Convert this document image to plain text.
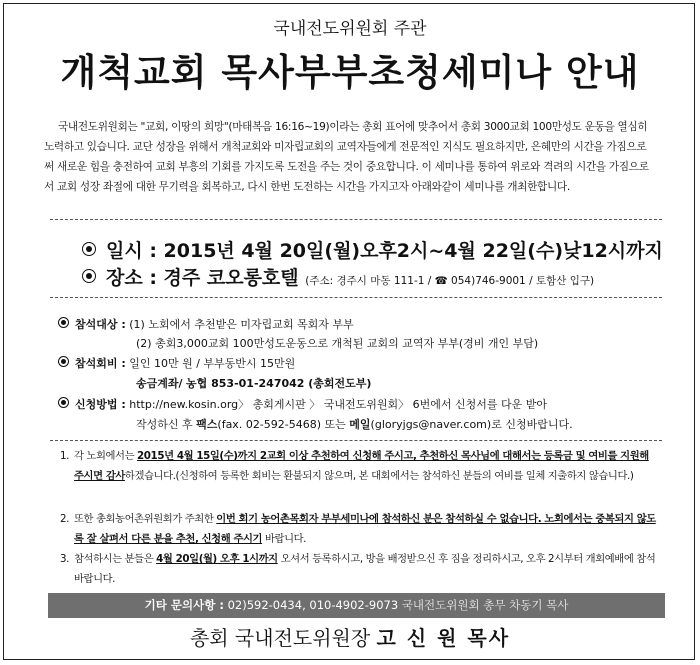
국내전도위원회 주관
개척교회 목사부부초청세미나 안내
국내전도위원회는 "교회, 이땅의 희망"(마태복음 16:16~19)이라는 총회 표어에 맞추어서 총회 3000교회 100만성도 운동을 열심히 노력하고 있습니다. 교단 성장을 위해서 개척교회와 미자립교회의 교역자들에게 전문적인 지식도 필요하지만, 은혜만의 시간을 가짐으로써 새로운 힘을 충전하여 교회 부흥의 기회를 가지도록 도전을 주는 것이 중요합니다. 이 세미나를 통하여 위로와 격려의 시간을 가짐으로서 교회 성장 좌절에 대한 무기력을 회복하고, 다시 한번 도전하는 시간을 가지고자 아래와같이 세미나를 개최한합니다.
일시 : 2015년 4월 20일(월)오후2시~4월 22일(수)낮12시까지
장소 : 경주 코오롱호텔 (주소: 경주시 마동 111-1 / ☎ 054)746-9001 / 토함산 입구)
참석대상 : (1) 노회에서 추천받은 미자립교회 목회자 부부
(2) 총회3,000교회 100만성도운동으로 개척된 교회의 교역자 부부(경비 개인 부담)
참석회비 : 일인 10만 원 / 부부동반시 15만원
송금계좌/ 농협 853-01-247042 (총회전도부)
신청방법 : http://new.kosin.org〉 총회게시판 〉 국내전도위원회〉 6번에서 신청서를 다운 받아
작성하신 후 팩스(fax. 02-592-5468) 또는 메일(gloryjgs@naver.com)로 신청바랍니다.
1. 각 노회에서는 2015년 4월 15일(수)까지 2교회 이상 추천하여 신청해 주시고, 추천하신 목사님에 대해서는 등록금 및 여비를 지원해 주시면 감사하겠습니다.(신청하여 등록한 회비는 환불되지 않으며, 본 대회에서는 참석하신 분들의 여비를 일체 지출하지 않습니다.)
2. 또한 총회농어촌위원회가 주최한 이번 회기 농어촌목회자 부부세미나에 참석하신 분은 참석하실 수 없습니다. 노회에서는 중복되지 않도록 잘 살펴서 다른 분을 추천, 신청해 주시기 바랍니다.
3. 참석하시는 분들은 4월 20일(월) 오후 1시까지 오셔서 등록하시고, 방을 배정받으신 후 짐을 정리하시고, 오후 2시부터 개회예배에 참석 바랍니다.
기타 문의사항 : 02)592-0434, 010-4902-9073 국내전도위원회 총무 차동기 목사
총회 국내전도위원장 고 신 원 목사
